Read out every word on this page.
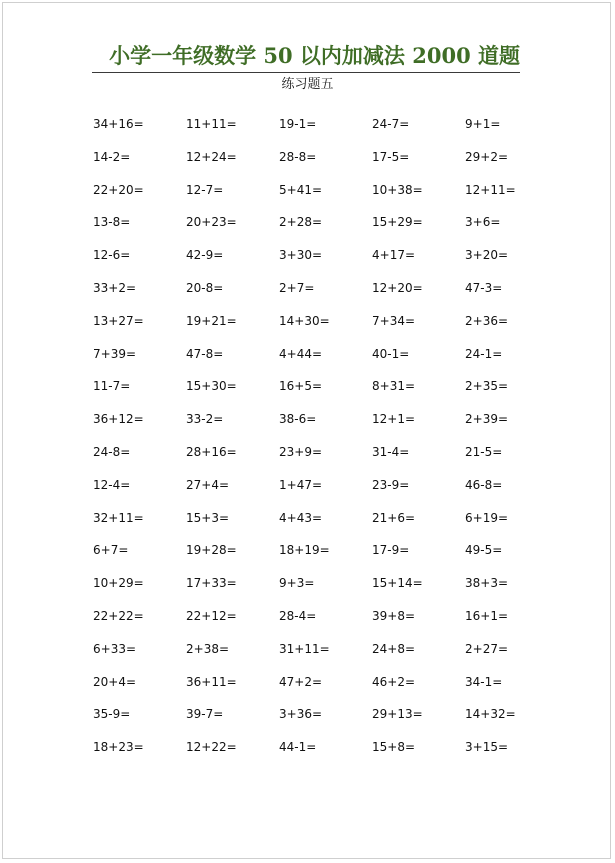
小学一年级数学 50 以内加减法 2000 道题
练习题五
34+16=	11+11=	19-1=	24-7=	9+1=
14-2=	12+24=	28-8=	17-5=	29+2=
22+20=	12-7=	5+41=	10+38=	12+11=
13-8=	20+23=	2+28=	15+29=	3+6=
12-6=	42-9=	3+30=	4+17=	3+20=
33+2=	20-8=	2+7=	12+20=	47-3=
13+27=	19+21=	14+30=	7+34=	2+36=
7+39=	47-8=	4+44=	40-1=	24-1=
11-7=	15+30=	16+5=	8+31=	2+35=
36+12=	33-2=	38-6=	12+1=	2+39=
24-8=	28+16=	23+9=	31-4=	21-5=
12-4=	27+4=	1+47=	23-9=	46-8=
32+11=	15+3=	4+43=	21+6=	6+19=
6+7=	19+28=	18+19=	17-9=	49-5=
10+29=	17+33=	9+3=	15+14=	38+3=
22+22=	22+12=	28-4=	39+8=	16+1=
6+33=	2+38=	31+11=	24+8=	2+27=
20+4=	36+11=	47+2=	46+2=	34-1=
35-9=	39-7=	3+36=	29+13=	14+32=
18+23=	12+22=	44-1=	15+8=	3+15=
